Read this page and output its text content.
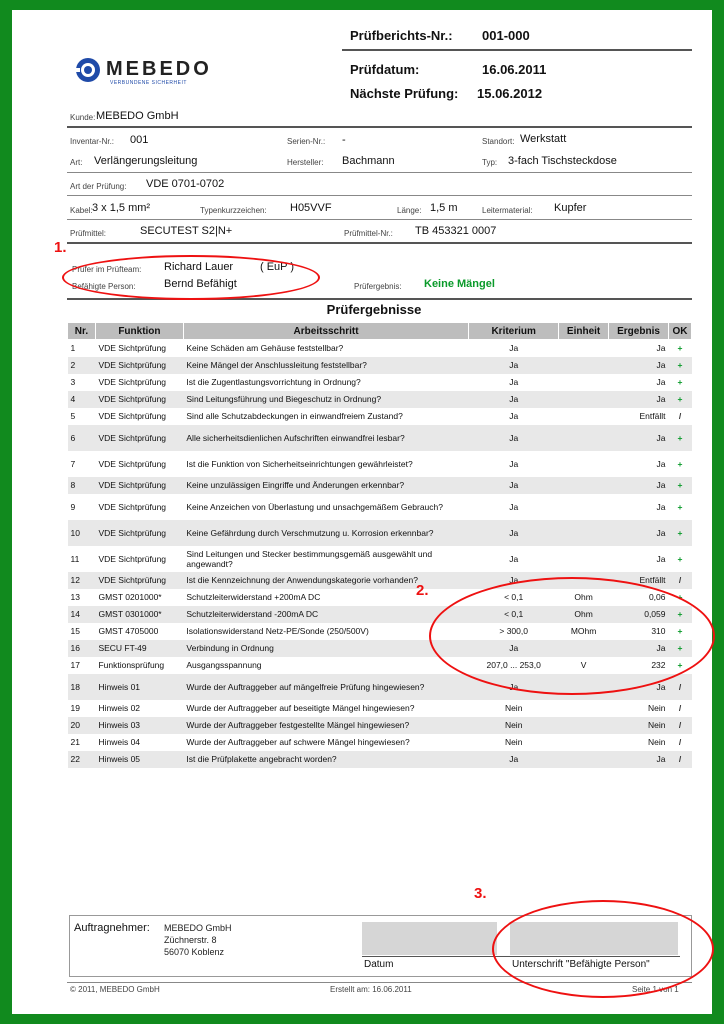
Prüfberichts-Nr.: 001-000
Prüfdatum:	16.06.2011
Nächste Prüfung: 15.06.2012
MEBEDO
VERBUNDENE SICHERHEIT
Kunde: MEBEDO GmbH
Inventar-Nr.: 001	Serien-Nr.: -	Standort: Werkstatt
Art: Verlängerungsleitung	Hersteller: Bachmann	Typ: 3-fach Tischsteckdose
Art der Prüfung: VDE 0701-0702
Kabel: 3 x 1,5 mm²	Typenkurzzeichen: H05VVF	Länge: 1,5 m	Leitermaterial: Kupfer
Prüfmittel:	SECUTEST S2|N+	Prüfmittel-Nr.: TB 453321 0007
Prüfer im Prüfteam: Richard Lauer ( EuP )
Befähigte Person:	Bernd Befähigt	Prüfergebnis: Keine Mängel
Prüfergebnisse
Nr.	Funktion	Arbeitsschritt	Kriterium	Einheit	Ergebnis	OK
1	VDE Sichtprüfung	Keine Schäden am Gehäuse feststellbar?	Ja		Ja	+
2	VDE Sichtprüfung	Keine Mängel der Anschlussleitung feststellbar?	Ja		Ja	+
3	VDE Sichtprüfung	Ist die Zugentlastungsvorrichtung in Ordnung?	Ja		Ja	+
4	VDE Sichtprüfung	Sind Leitungsführung und Biegeschutz in Ordnung?	Ja		Ja	+
5	VDE Sichtprüfung	Sind alle Schutzabdeckungen in einwandfreiem Zustand?	Ja		Entfällt	/
6	VDE Sichtprüfung	Alle sicherheitsdienlichen Aufschriften einwandfrei lesbar?	Ja		Ja	+
7	VDE Sichtprüfung	Ist die Funktion von Sicherheitseinrichtungen gewährleistet?	Ja		Ja	+
8	VDE Sichtprüfung	Keine unzulässigen Eingriffe und Änderungen erkennbar?	Ja		Ja	+
9	VDE Sichtprüfung	Keine Anzeichen von Überlastung und unsachgemäßem Gebrauch?	Ja		Ja	+
10	VDE Sichtprüfung	Keine Gefährdung durch Verschmutzung u. Korrosion erkennbar?	Ja		Ja	+
11	VDE Sichtprüfung	Sind Leitungen und Stecker bestimmungsgemäß ausgewählt und angewandt?	Ja		Ja	+
12	VDE Sichtprüfung	Ist die Kennzeichnung der Anwendungskategorie vorhanden?	Ja		Entfällt	/
13	GMST 0201000*	Schutzleiterwiderstand +200mA DC	< 0,1	Ohm	0,06	+
14	GMST 0301000*	Schutzleiterwiderstand -200mA DC	< 0,1	Ohm	0,059	+
15	GMST 4705000	Isolationswiderstand Netz-PE/Sonde (250/500V)	> 300,0	MOhm	310	+
16	SECU FT-49	Verbindung in Ordnung	Ja		Ja	+
17	Funktionsprüfung	Ausgangsspannung	207,0 ... 253,0	V	232	+
18	Hinweis 01	Wurde der Auftraggeber auf mängelfreie Prüfung hingewiesen?	Ja		Ja	/
19	Hinweis 02	Wurde der Auftraggeber auf beseitigte Mängel hingewiesen?	Nein		Nein	/
20	Hinweis 03	Wurde der Auftraggeber festgestellte Mängel hingewiesen?	Nein		Nein	/
21	Hinweis 04	Wurde der Auftraggeber auf schwere Mängel hingewiesen?	Nein		Nein	/
22	Hinweis 05	Ist die Prüfplakette angebracht worden?	Ja		Ja	/
Auftragnehmer: MEBEDO GmbH
Züchnerstr. 8
56070 Koblenz
Datum	Unterschrift "Befähigte Person"
© 2011, MEBEDO GmbH	Erstellt am: 16.06.2011	Seite 1 von 1
1.
2.
3.
